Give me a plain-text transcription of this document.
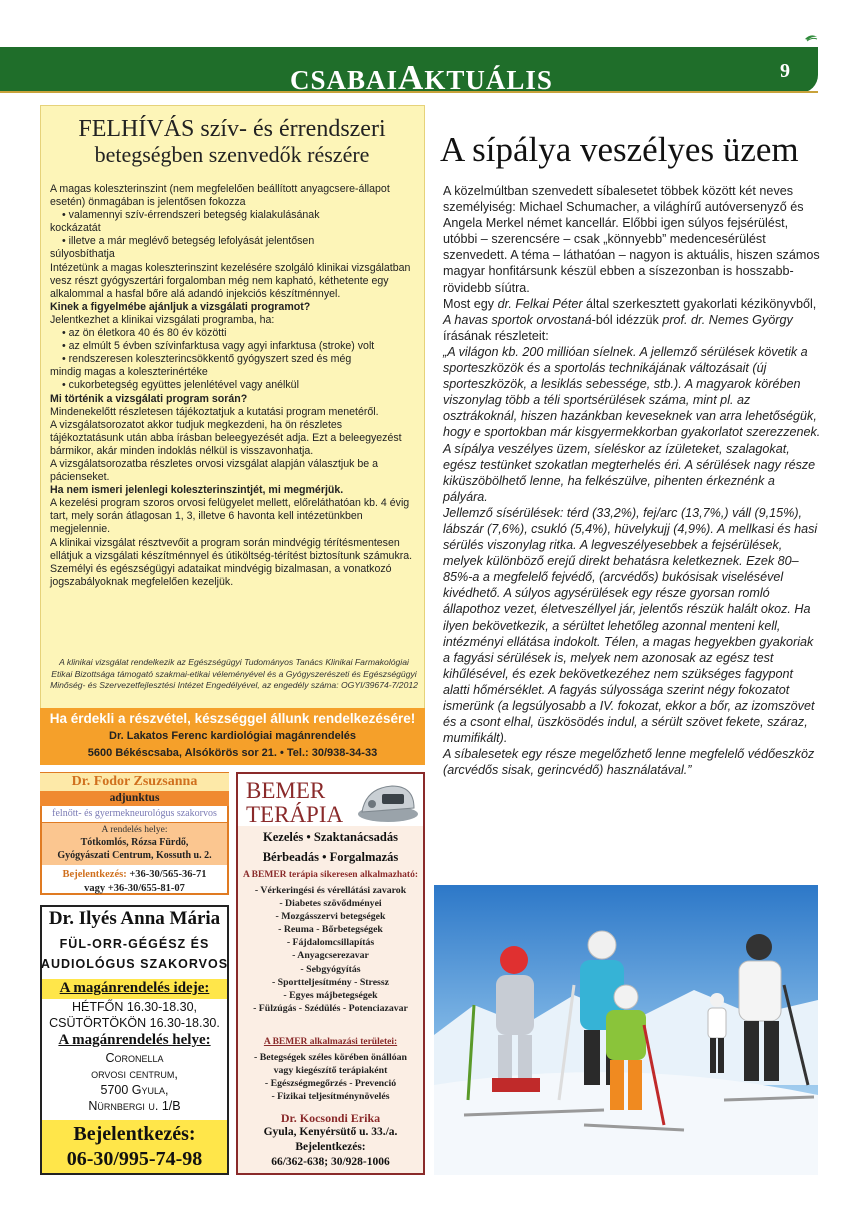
CSABAIAKTUÁLIS	9
FELHÍVÁS szív- és érrendszeri
betegségben szenvedők részére

A magas koleszterinszint (nem megfelelően beállított anyagcsere-állapot esetén) önmagában is jelentősen fokozza

• valamennyi szív-érrendszeri betegség kialakulásának

kockázatát

• illetve a már meglévő betegség lefolyását jelentősen

súlyosbíthatja

Intézetünk a magas koleszterinszint kezelésére szolgáló klinikai vizsgálatban vesz részt gyógyszertári forgalomban még nem kapható, kéthetente egy alkalommal a hasfal bőre alá adandó injekciós készítménnyel.

Kinek a figyelmébe ajánljuk a vizsgálati programot?

Jelentkezhet a klinikai vizsgálati programba, ha:

• az ön életkora 40 és 80 év közötti

• az elmúlt 5 évben szívinfarktusa vagy agyi infarktusa (stroke) volt

• rendszeresen koleszterincsökkentő gyógyszert szed és még

mindig magas a koleszterinértéke

• cukorbetegség együttes jelenlétével vagy anélkül

Mi történik a vizsgálati program során?

Mindenekelőtt részletesen tájékoztatjuk a kutatási program menetéről.

A vizsgálatsorozatot akkor tudjuk megkezdeni, ha ön részletes tájékoztatásunk után abba írásban beleegyezését adja. Ezt a beleegyezést bármikor, akár minden indoklás nélkül is visszavonhatja.

A vizsgálatsorozatba részletes orvosi vizsgálat alapján választjuk be a pácienseket.

Ha nem ismeri jelenlegi koleszterinszintjét, mi megmérjük.

A kezelési program szoros orvosi felügyelet mellett, előreláthatóan kb. 4 évig tart, mely során átlagosan 1, 3, illetve 6 havonta kell intézetünkben megjelennie.

A klinikai vizsgálat résztvevőit a program során mindvégig térítésmentesen ellátjuk a vizsgálati készítménnyel és útiköltség-térítést biztosítunk számukra.

Személyi és egészségügyi adataikat mindvégig bizalmasan, a vonatkozó jogszabályoknak megfelelően kezeljük.

A klinikai vizsgálat rendelkezik az Egészségügyi Tudományos Tanács Klinikai Farmakológiai Etikai Bizottsága támogató szakmai-etikai véleményével és a Gyógyszerészeti és Egészségügyi Minőség- és Szervezetfejlesztési Intézet Engedélyével, az engedély száma: OGYI/39674-7/2012
Ha érdekli a részvétel, készséggel állunk rendelkezésére!
Dr. Lakatos Ferenc kardiológiai magánrendelés
5600 Békéscsaba, Alsókörös sor 21. • Tel.: 30/938-34-33
Dr. Fodor Zsuzsanna
adjunktus
felnőtt- és gyermekneurológus szakorvos
A rendelés helye:
Tótkomlós, Rózsa Fürdő,
Gyógyászati Centrum, Kossuth u. 2.
Bejelentkezés: +36-30/565-36-71
vagy +36-30/655-81-07
Dr. Ilyés Anna Mária
FÜL-ORR-GÉGÉSZ ÉS
AUDIOLÓGUS SZAKORVOS
A magánrendelés ideje:
HÉTFŐN 16.30-18.30,
CSÜTÖRTÖKÖN 16.30-18.30.
A magánrendelés helye:
Coronella
orvosi centrum,
5700 Gyula,
Nürnbergi u. 1/B
Bejelentkezés:
06-30/995-74-98
BEMER
TERÁPIA
Kezelés • Szaktanácsadás
Bérbeadás • Forgalmazás
A BEMER terápia sikeresen alkalmazható:
- Vérkeringési és vérellátási zavarok
- Diabetes szövődményei
- Mozgásszervi betegségek
- Reuma - Bőrbetegségek
- Fájdalomcsillapítás
- Anyagcserezavar
- Sebgyógyítás
- Sportteljesítmény - Stressz
- Egyes májbetegségek
- Fülzúgás - Szédülés - Potenciazavar
A BEMER alkalmazási területei:
- Betegségek széles körében önállóan
vagy kiegészítő terápiaként
- Egészségmegőrzés - Prevenció
- Fizikai teljesítménynövelés
Dr. Kocsondi Erika
Gyula, Kenyérsütő u. 33./a.
Bejelentkezés:
66/362-638; 30/928-1006
A sípálya veszélyes üzem

A közelmúltban szenvedett síbalesetet többek között két neves személyiség: Michael Schumacher, a világhírű autóversenyző és Angela Merkel német kancellár. Előbbi igen súlyos fejsérülést, utóbbi – szerencsére – csak „könnyebb” medencesérülést szenvedett. A téma – láthatóan – nagyon is aktuális, hiszen számos magyar honfitársunk készül ebben a síszezonban is hosszabb-rövidebb síútra.

Most egy dr. Felkai Péter által szerkesztett gyakorlati kézikönyvből, A havas sportok orvostaná-ból idézzük prof. dr. Nemes György írásának részleteit:

„A világon kb. 200 millióan síelnek. A jellemző sérülések követik a sporteszközök és a sportolás technikájának változásait (új sporteszközök, a lesiklás sebessége, stb.). A magyarok körében viszonylag több a téli sportsérülések száma, mint pl. az osztrákoknál, hiszen hazánkban keveseknek van arra lehetőségük, hogy e sportokban már kisgyermekkorban gyakorlatot szerezzenek.

A sípálya veszélyes üzem, síeléskor az ízületeket, szalagokat, egész testünket szokatlan megterhelés éri. A sérülések nagy része kiküszöbölhető lenne, ha felkészülve, pihenten érkeznénk a pályára.

Jellemző sísérülések: térd (33,2%), fej/arc (13,7%,) váll (9,15%), lábszár (7,6%), csukló (5,4%), hüvelykujj (4,9%). A mellkasi és hasi sérülés viszonylag ritka. A legveszélyesebbek a fejsérülések, melyek különböző erejű direkt behatásra keletkeznek. Ezek 80–85%-a a megfelelő fejvédő, (arcvédős) bukósisak viselésével kivédhető. A súlyos agysérülések egy része gyorsan romló állapothoz vezet, életveszéllyel jár, jelentős részük halált okoz. Ha ilyen bekövetkezik, a sérültet lehetőleg azonnal menteni kell, intézményi ellátása indokolt. Télen, a magas hegyekben gyakoriak a fagyási sérülések is, melyek nem azonosak az egész test kihűlésével, és ezek bekövetkezéhez nem szükséges fagypont alatti hőmérséklet. A fagyás súlyossága szerint négy fokozatot ismerünk (a legsúlyosabb a IV. fokozat, ekkor a bőr, az izomszövet és a csont elhal, üszkösödés indul, a sérült szövet fekete, száraz, mumifikált).

A síbalesetek egy része megelőzhető lenne megfelelő védőeszköz (arcvédős sisak, gerincvédő) használatával.”
